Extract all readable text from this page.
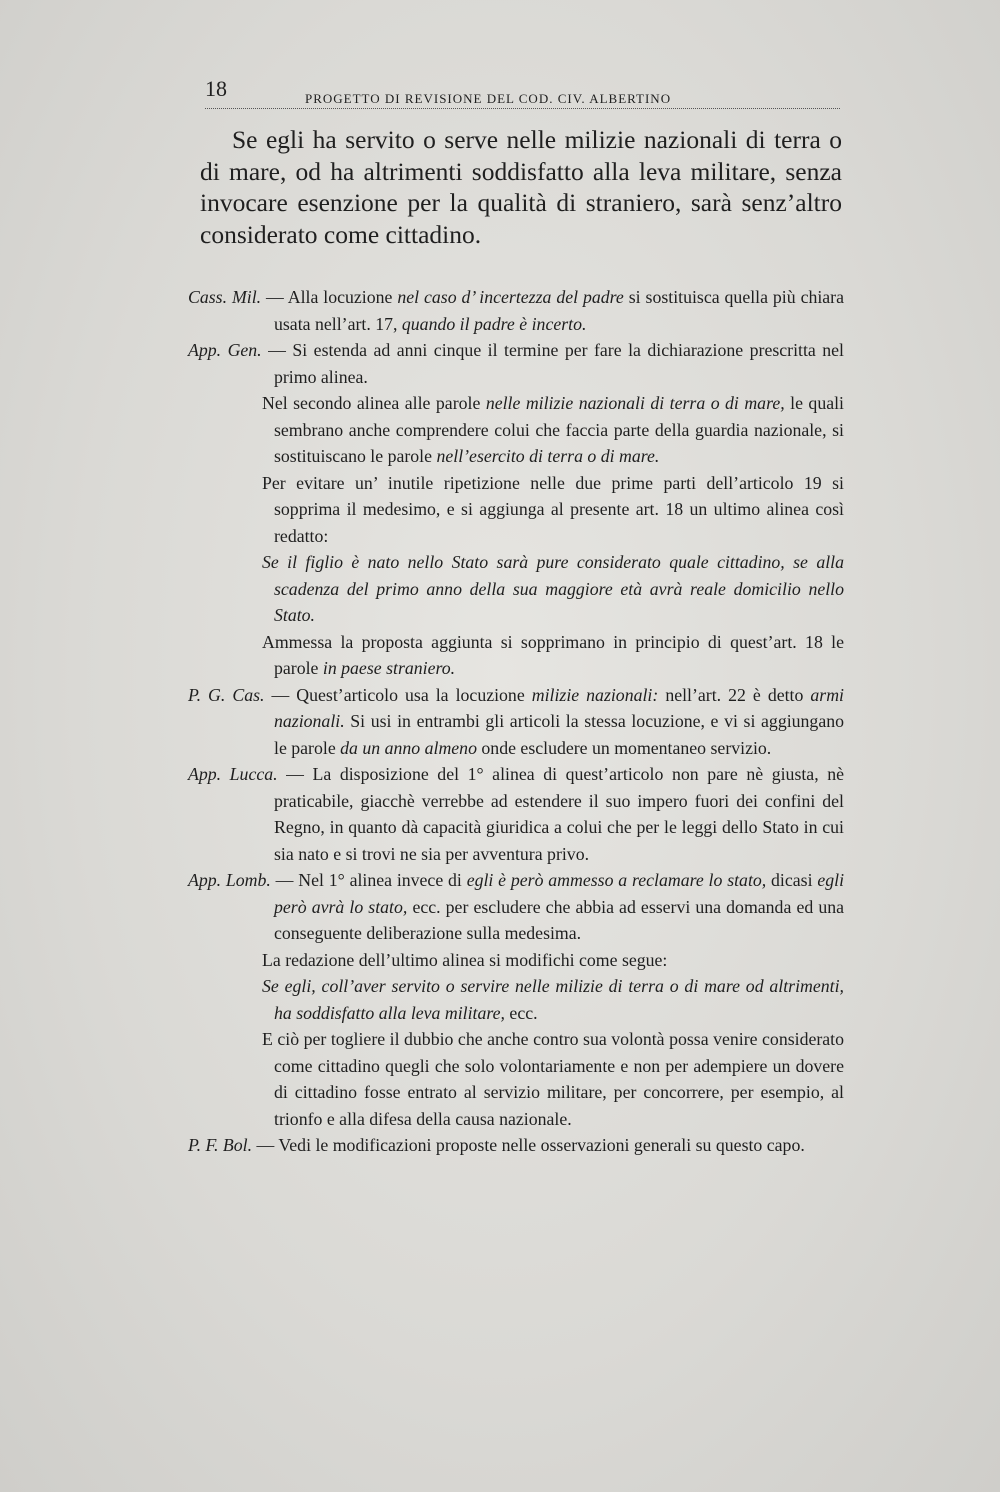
18	PROGETTO DI REVISIONE DEL COD. CIV. ALBERTINO

Se egli ha servito o serve nelle milizie nazionali di terra o di mare, od ha altrimenti soddisfatto alla leva militare, senza invocare esenzione per la qualità di straniero, sarà senz’altro considerato come cittadino.

Cass. Mil. — Alla locuzione nel caso d’ incertezza del padre si sostituisca quella più chiara usata nell’art. 17, quando il padre è incerto.

App. Gen. — Si estenda ad anni cinque il termine per fare la dichiarazione prescritta nel primo alinea.

Nel secondo alinea alle parole nelle milizie nazionali di terra o di mare, le quali sembrano anche comprendere colui che faccia parte della guardia nazionale, si sostituiscano le parole nell’esercito di terra o di mare.

Per evitare un’ inutile ripetizione nelle due prime parti dell’articolo 19 si sopprima il medesimo, e si aggiunga al presente art. 18 un ultimo alinea così redatto:

Se il figlio è nato nello Stato sarà pure considerato quale cittadino, se alla scadenza del primo anno della sua maggiore età avrà reale domicilio nello Stato.

Ammessa la proposta aggiunta si sopprimano in principio di quest’art. 18 le parole in paese straniero.

P. G. Cas. — Quest’articolo usa la locuzione milizie nazionali: nell’art. 22 è detto armi nazionali. Si usi in entrambi gli articoli la stessa locuzione, e vi si aggiungano le parole da un anno almeno onde escludere un momentaneo servizio.

App. Lucca. — La disposizione del 1° alinea di quest’articolo non pare nè giusta, nè praticabile, giacchè verrebbe ad estendere il suo impero fuori dei confini del Regno, in quanto dà capacità giuridica a colui che per le leggi dello Stato in cui sia nato e si trovi ne sia per avventura privo.

App. Lomb. — Nel 1° alinea invece di egli è però ammesso a reclamare lo stato, dicasi egli però avrà lo stato, ecc. per escludere che abbia ad esservi una domanda ed una conseguente deliberazione sulla medesima.

La redazione dell’ultimo alinea si modifichi come segue:

Se egli, coll’aver servito o servire nelle milizie di terra o di mare od altrimenti, ha soddisfatto alla leva militare, ecc.

E ciò per togliere il dubbio che anche contro sua volontà possa venire considerato come cittadino quegli che solo volontariamente e non per adempiere un dovere di cittadino fosse entrato al servizio militare, per concorrere, per esempio, al trionfo e alla difesa della causa nazionale.

P. F. Bol. — Vedi le modificazioni proposte nelle osservazioni generali su questo capo.
